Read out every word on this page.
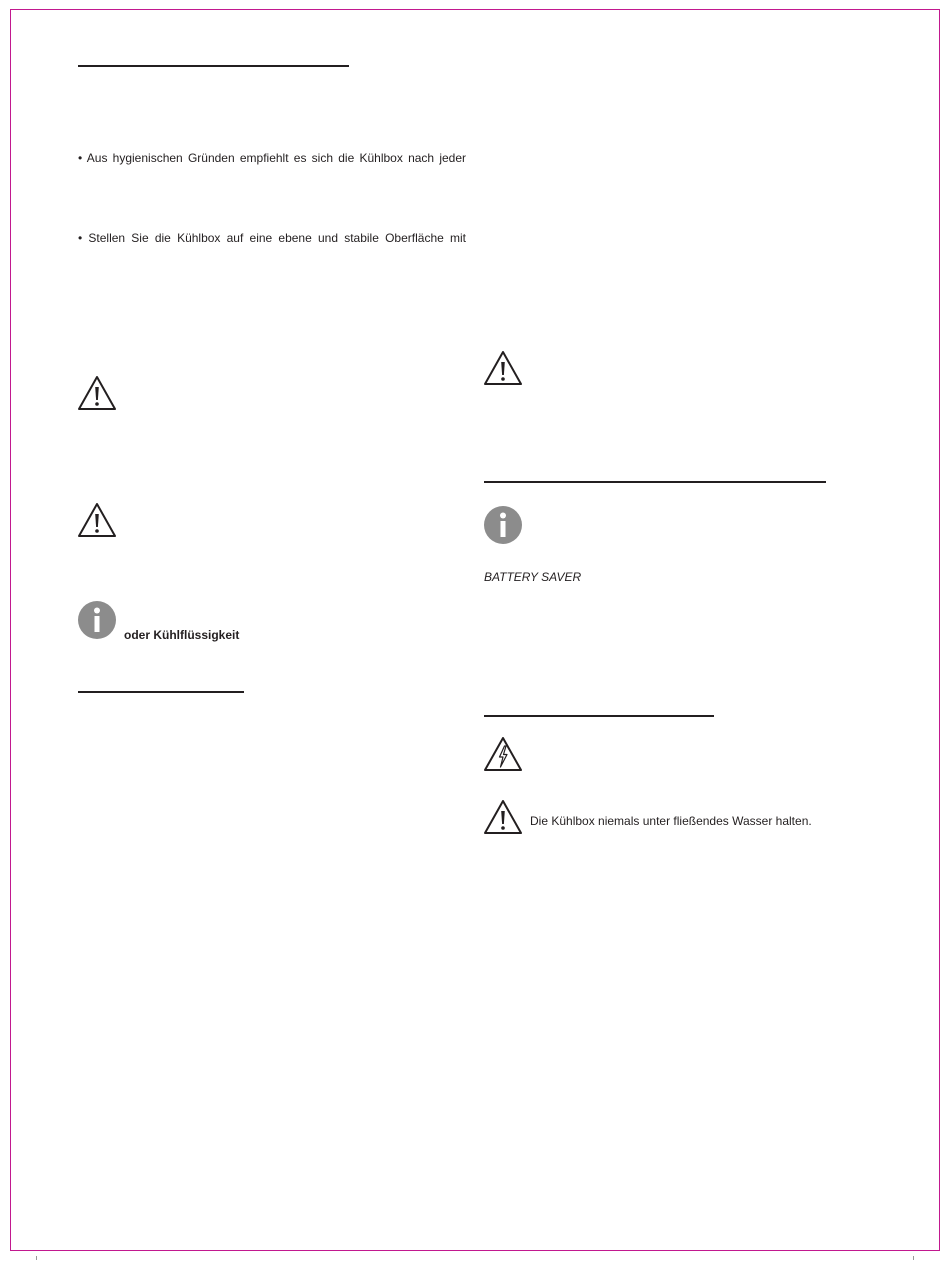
• Aus hygienischen Gründen empfiehlt es sich die Kühlbox nach jeder
• Stellen Sie die Kühlbox auf eine ebene und stabile Oberfläche mit
oder Kühlflüssigkeit
BATTERY SAVER
Die Kühlbox niemals unter fließendes Wasser halten.
